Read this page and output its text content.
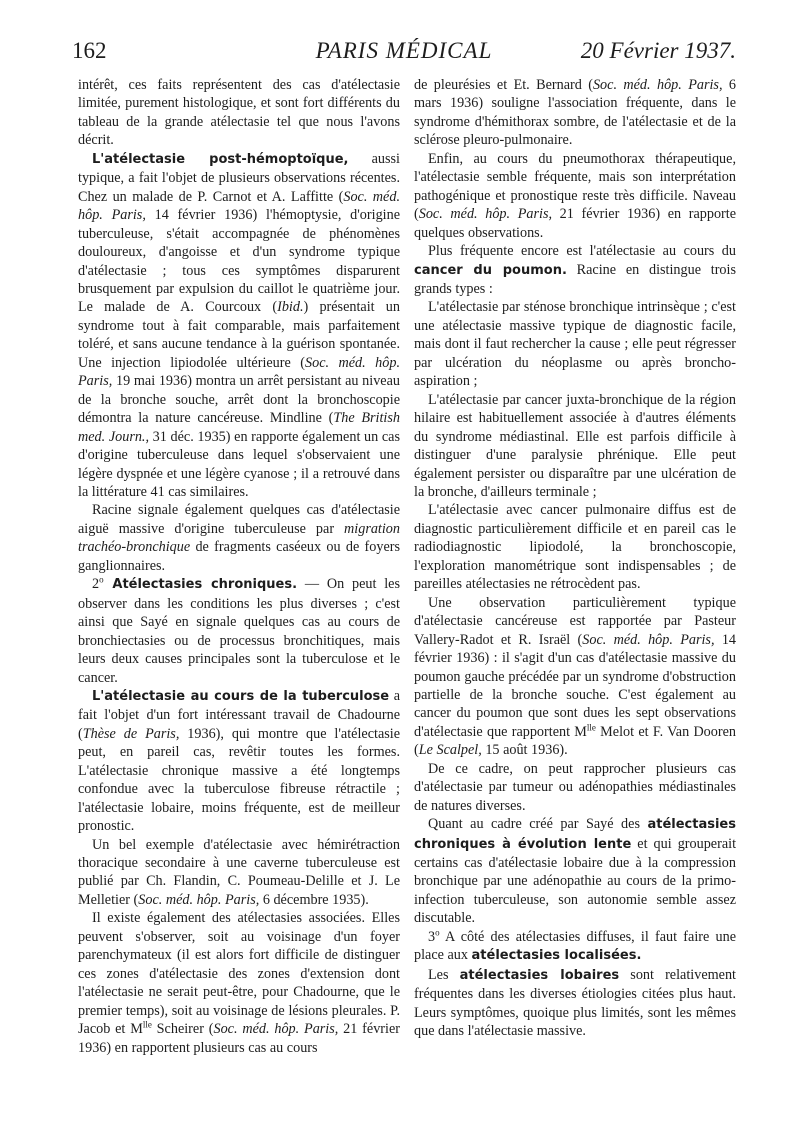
162	PARIS MÉDICAL	20 Février 1937.

intérêt, ces faits représentent des cas d'atélectasie limitée, purement histologique, et sont fort différents du tableau de la grande atélectasie tel que nous l'avons décrit.

L'atélectasie post-hémoptoïque, aussi typique, a fait l'objet de plusieurs observations récentes. Chez un malade de P. Carnot et A. Laffitte (Soc. méd. hôp. Paris, 14 février 1936) l'hémoptysie, d'origine tuberculeuse, s'était accompagnée de phénomènes douloureux, d'angoisse et d'un syndrome typique d'atélectasie ; tous ces symptômes disparurent brusquement par expulsion du caillot le quatrième jour. Le malade de A. Courcoux (Ibid.) présentait un syndrome tout à fait comparable, mais parfaitement toléré, et sans aucune tendance à la guérison spontanée. Une injection lipiodolée ultérieure (Soc. méd. hôp. Paris, 19 mai 1936) montra un arrêt persistant au niveau de la bronche souche, arrêt dont la bronchoscopie démontra la nature cancéreuse. Mindline (The British med. Journ., 31 déc. 1935) en rapporte également un cas d'origine tuberculeuse dans lequel s'observaient une légère dyspnée et une légère cyanose ; il a retrouvé dans la littérature 41 cas similaires.

Racine signale également quelques cas d'atélectasie aiguë massive d'origine tuberculeuse par migration trachéo-bronchique de fragments caséeux ou de foyers ganglionnaires.

2$^o$ Atélectasies chroniques. — On peut les observer dans les conditions les plus diverses ; c'est ainsi que Sayé en signale quelques cas au cours de bronchiectasies ou de processus bronchitiques, mais leurs deux causes principales sont la tuberculose et le cancer.

L'atélectasie au cours de la tuberculose a fait l'objet d'un fort intéressant travail de Chadourne (Thèse de Paris, 1936), qui montre que l'atélectasie peut, en pareil cas, revêtir toutes les formes. L'atélectasie chronique massive a été longtemps confondue avec la tuberculose fibreuse rétractile ; l'atélectasie lobaire, moins fréquente, est de meilleur pronostic.

Un bel exemple d'atélectasie avec hémirétraction thoracique secondaire à une caverne tuberculeuse est publié par Ch. Flandin, C. Poumeau-Delille et J. Le Melletier (Soc. méd. hôp. Paris, 6 décembre 1935).

Il existe également des atélectasies associées. Elles peuvent s'observer, soit au voisinage d'un foyer parenchymateux (il est alors fort difficile de distinguer ces zones d'atélectasie des zones d'extension dont l'atélectasie ne serait peut-être, pour Chadourne, que le premier temps), soit au voisinage de lésions pleurales. P. Jacob et $M^{lle}$ Scheirer (Soc. méd. hôp. Paris, 21 février 1936) en rapportent plusieurs cas au cours

de pleurésies et Et. Bernard (Soc. méd. hôp. Paris, 6 mars 1936) souligne l'association fréquente, dans le syndrome d'hémithorax sombre, de l'atélectasie et de la sclérose pleuro-pulmonaire.

Enfin, au cours du pneumothorax thérapeutique, l'atélectasie semble fréquente, mais son interprétation pathogénique et pronostique reste très difficile. Naveau (Soc. méd. hôp. Paris, 21 février 1936) en rapporte quelques observations.

Plus fréquente encore est l'atélectasie au cours du cancer du poumon. Racine en distingue trois grands types :

L'atélectasie par sténose bronchique intrinsèque ; c'est une atélectasie massive typique de diagnostic facile, mais dont il faut rechercher la cause ; elle peut régresser par ulcération du néoplasme ou après broncho-aspiration ;

L'atélectasie par cancer juxta-bronchique de la région hilaire est habituellement associée à d'autres éléments du syndrome médiastinal. Elle est parfois difficile à distinguer d'une paralysie phrénique. Elle peut également persister ou disparaître par une ulcération de la bronche, d'ailleurs terminale ;

L'atélectasie avec cancer pulmonaire diffus est de diagnostic particulièrement difficile et en pareil cas le radiodiagnostic lipiodolé, la bronchoscopie, l'exploration manométrique sont indispensables ; de pareilles atélectasies ne rétrocèdent pas.

Une observation particulièrement typique d'atélectasie cancéreuse est rapportée par Pasteur Vallery-Radot et R. Israël (Soc. méd. hôp. Paris, 14 février 1936) : il s'agit d'un cas d'atélectasie massive du poumon gauche précédée par un syndrome d'obstruction partielle de la bronche souche. C'est également au cancer du poumon que sont dues les sept observations d'atélectasie que rapportent $M^{lle}$ Melot et F. Van Dooren (Le Scalpel, 15 août 1936).

De ce cadre, on peut rapprocher plusieurs cas d'atélectasie par tumeur ou adénopathies médiastinales de natures diverses.

Quant au cadre créé par Sayé des atélectasies chroniques à évolution lente et qui grouperait certains cas d'atélectasie lobaire due à la compression bronchique par une adénopathie au cours de la primo-infection tuberculeuse, son autonomie semble assez discutable.

3$^o$ A côté des atélectasies diffuses, il faut faire une place aux atélectasies localisées.

Les atélectasies lobaires sont relativement fréquentes dans les diverses étiologies citées plus haut. Leurs symptômes, quoique plus limités, sont les mêmes que dans l'atélectasie massive.
